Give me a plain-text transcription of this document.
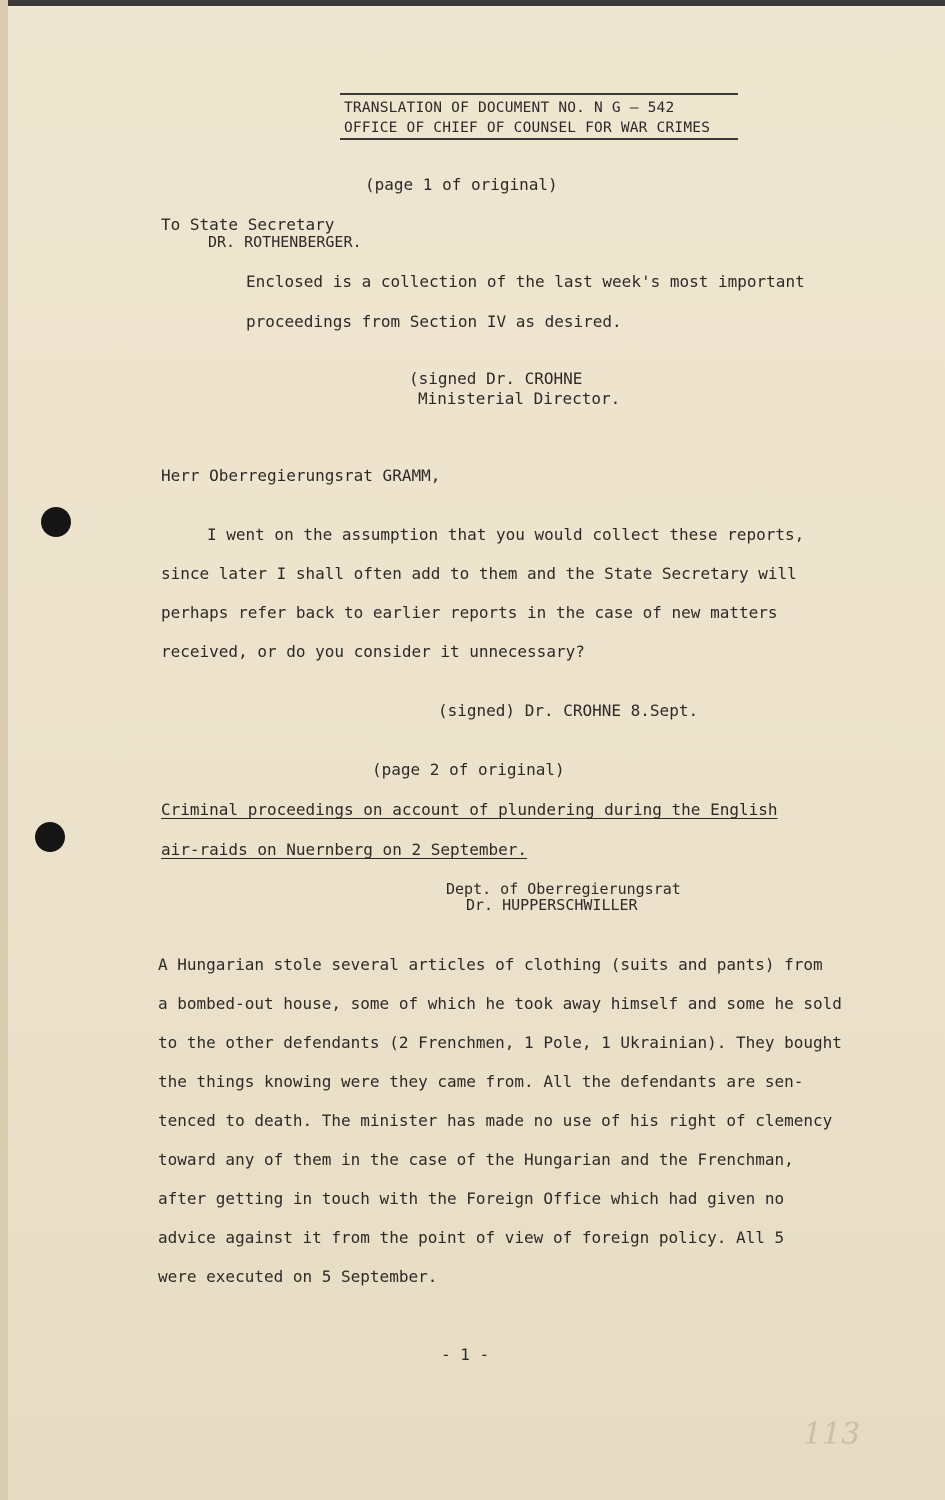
TRANSLATION OF DOCUMENT NO. N G – 542
OFFICE OF CHIEF OF COUNSEL FOR WAR CRIMES
(page 1 of original)
To State Secretary
DR. ROTHENBERGER.
Enclosed is a collection of the last week's most important
proceedings from Section IV as desired.
(signed Dr. CROHNE
Ministerial Director.
Herr Oberregierungsrat GRAMM,
I went on the assumption that you would collect these reports,
since later I shall often add to them and the State Secretary will
perhaps refer back to earlier reports in the case of new matters
received, or do you consider it unnecessary?
(signed) Dr. CROHNE 8.Sept.
(page 2 of original)
Criminal proceedings on account of plundering during the English
air-raids on Nuernberg on 2 September.
Dept. of Oberregierungsrat
Dr. HUPPERSCHWILLER
A Hungarian stole several articles of clothing (suits and pants) from
a bombed-out house, some of which he took away himself and some he sold
to the other defendants (2 Frenchmen, 1 Pole, 1 Ukrainian). They bought
the things knowing were they came from. All the defendants are sen-
tenced to death. The minister has made no use of his right of clemency
toward any of them in the case of the Hungarian and the Frenchman,
after getting in touch with the Foreign Office which had given no
advice against it from the point of view of foreign policy. All 5
were executed on 5 September.
- 1 -
113
